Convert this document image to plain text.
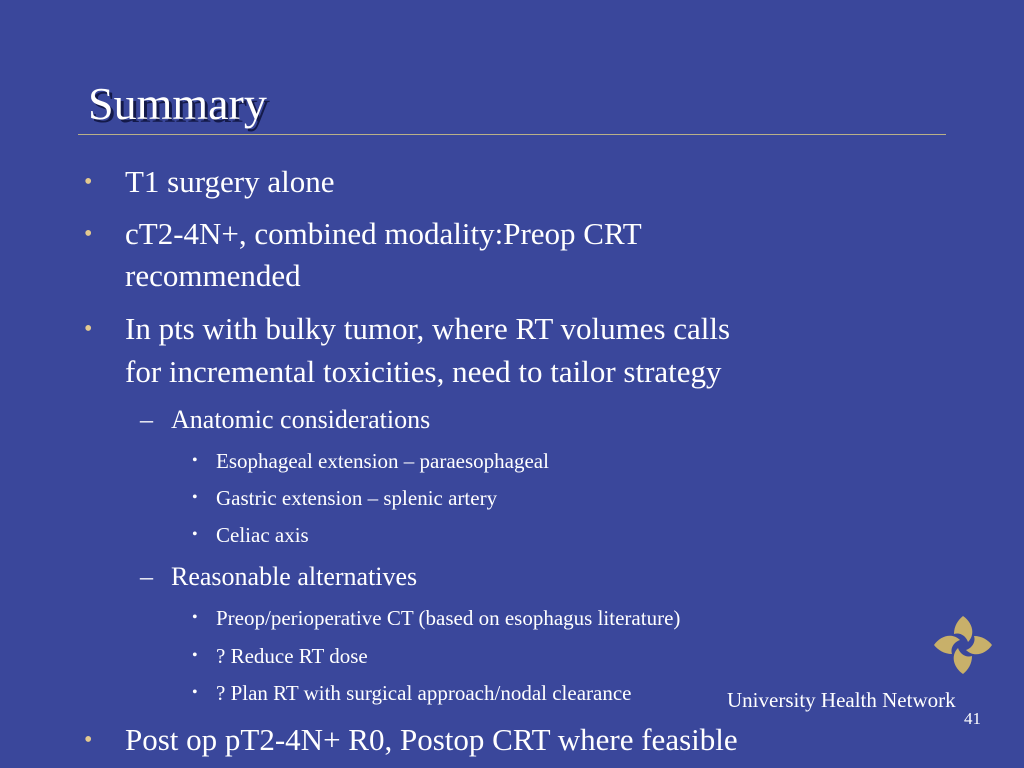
Summary
•	T1 surgery alone
•	cT2-4N+, combined modality:Preop CRT
recommended
•	In pts with bulky tumor, where RT volumes calls
for incremental toxicities, need to tailor strategy
– Anatomic considerations
• Esophageal extension – paraesophageal
• Gastric extension – splenic artery
• Celiac axis
– Reasonable alternatives
• Preop/perioperative CT (based on esophagus literature)
• ? Reduce RT dose
• ? Plan RT with surgical approach/nodal clearance
•	Post op pT2-4N+ R0, Postop CRT where feasible
University Health Network
41
